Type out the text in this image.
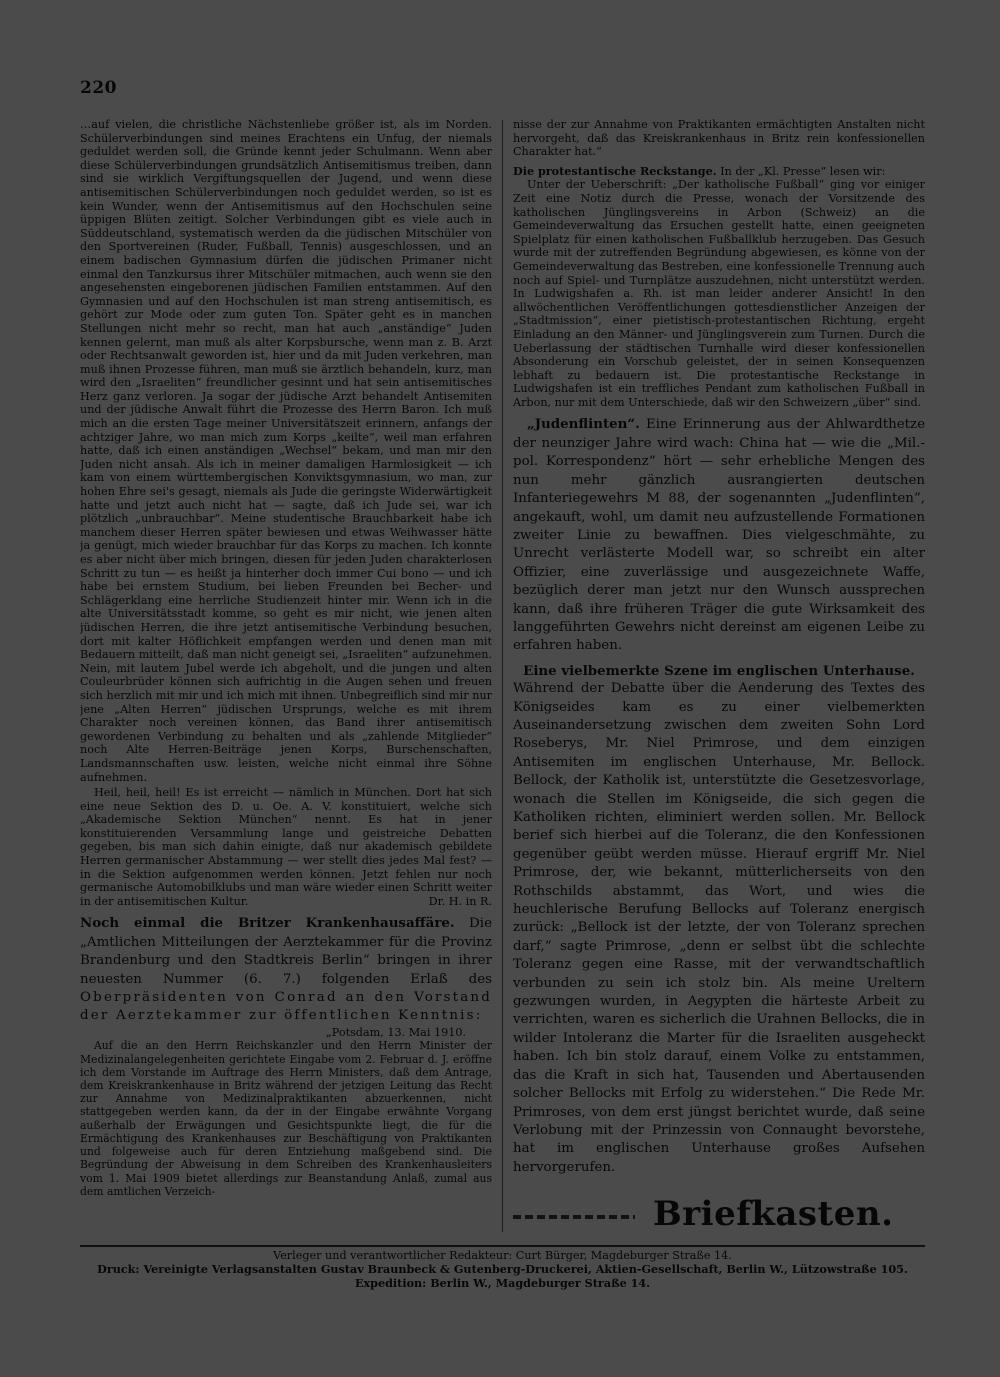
220

…auf vielen, die christliche Nächstenliebe größer ist, als im Norden. Schülerverbindungen sind meines Erachtens ein Unfug, der niemals geduldet werden soll, die Gründe kennt jeder Schulmann. Wenn aber diese Schülerverbindungen grundsätzlich Antisemitismus treiben, dann sind sie wirklich Vergiftungsquellen der Jugend, und wenn diese antisemitischen Schülerverbindungen noch geduldet werden, so ist es kein Wunder, wenn der Antisemitismus auf den Hochschulen seine üppigen Blüten zeitigt. Solcher Verbindungen gibt es viele auch in Süddeutschland, systematisch werden da die jüdischen Mitschüler von den Sportvereinen (Ruder, Fußball, Tennis) ausgeschlossen, und an einem badischen Gymnasium dürfen die jüdischen Primaner nicht einmal den Tanzkursus ihrer Mitschüler mitmachen, auch wenn sie den angesehensten eingeborenen jüdischen Familien entstammen. Auf den Gymnasien und auf den Hochschulen ist man streng antisemitisch, es gehört zur Mode oder zum guten Ton. Später geht es in manchen Stellungen nicht mehr so recht, man hat auch „anständige“ Juden kennen gelernt, man muß als alter Korpsbursche, wenn man z. B. Arzt oder Rechtsanwalt geworden ist, hier und da mit Juden verkehren, man muß ihnen Prozesse führen, man muß sie ärztlich behandeln, kurz, man wird den „Israeliten“ freundlicher gesinnt und hat sein antisemitisches Herz ganz verloren. Ja sogar der jüdische Arzt behandelt Antisemiten und der jüdische Anwalt führt die Prozesse des Herrn Baron. Ich muß mich an die ersten Tage meiner Universitätszeit erinnern, anfangs der achtziger Jahre, wo man mich zum Korps „keilte“, weil man erfahren hatte, daß ich einen anständigen „Wechsel“ bekam, und man mir den Juden nicht ansah. Als ich in meiner damaligen Harmlosigkeit — ich kam von einem württembergischen Konviktsgymnasium, wo man, zur hohen Ehre sei's gesagt, niemals als Jude die geringste Widerwärtigkeit hatte und jetzt auch nicht hat — sagte, daß ich Jude sei, war ich plötzlich „unbrauchbar“. Meine studentische Brauchbarkeit habe ich manchem dieser Herren später bewiesen und etwas Weihwasser hätte ja genügt, mich wieder brauchbar für das Korps zu machen. Ich konnte es aber nicht über mich bringen, diesen für jeden Juden charakterlosen Schritt zu tun — es heißt ja hinterher doch immer Cui bono — und ich habe bei ernstem Studium, bei lieben Freunden bei Becher- und Schlägerklang eine herrliche Studienzeit hinter mir. Wenn ich in die alte Universitätsstadt komme, so geht es mir nicht, wie jenen alten jüdischen Herren, die ihre jetzt antisemitische Verbindung besuchen, dort mit kalter Höflichkeit empfangen werden und denen man mit Bedauern mitteilt, daß man nicht geneigt sei, „Israeliten“ aufzunehmen. Nein, mit lautem Jubel werde ich abgeholt, und die jungen und alten Couleurbrüder können sich aufrichtig in die Augen sehen und freuen sich herzlich mit mir und ich mich mit ihnen. Unbegreiflich sind mir nur jene „Alten Herren“ jüdischen Ursprungs, welche es mit ihrem Charakter noch vereinen können, das Band ihrer antisemitisch gewordenen Verbindung zu behalten und als „zahlende Mitglieder“ noch Alte Herren-Beiträge jenen Korps, Burschenschaften, Landsmannschaften usw. leisten, welche nicht einmal ihre Söhne aufnehmen.

Heil, heil, heil! Es ist erreicht — nämlich in München. Dort hat sich eine neue Sektion des D. u. Oe. A. V. konstituiert, welche sich „Akademische Sektion München“ nennt. Es hat in jener konstituierenden Versammlung lange und geistreiche Debatten gegeben, bis man sich dahin einigte, daß nur akademisch gebildete Herren germanischer Abstammung — wer stellt dies jedes Mal fest? — in die Sektion aufgenommen werden können. Jetzt fehlen nur noch germanische Automobilklubs und man wäre wieder einen Schritt weiter in der antisemitischen Kultur.	Dr. H. in R.

Noch einmal die Britzer Krankenhausaffäre. Die „Amtlichen Mitteilungen der Aerztekammer für die Provinz Brandenburg und den Stadtkreis Berlin“ bringen in ihrer neuesten Nummer (6. 7.) folgenden Erlaß des Oberpräsidenten von Conrad an den Vorstand der Aerztekammer zur öffentlichen Kenntnis:

„Potsdam, 13. Mai 1910.

Auf die an den Herrn Reichskanzler und den Herrn Minister der Medizinalangelegenheiten gerichtete Eingabe vom 2. Februar d. J. eröffne ich dem Vorstande im Auftrage des Herrn Ministers, daß dem Antrage, dem Kreiskrankenhause in Britz während der jetzigen Leitung das Recht zur Annahme von Medizinalpraktikanten abzuerkennen, nicht stattgegeben werden kann, da der in der Eingabe erwähnte Vorgang außerhalb der Erwägungen und Gesichtspunkte liegt, die für die Ermächtigung des Krankenhauses zur Beschäftigung von Praktikanten und folgeweise auch für deren Entziehung maßgebend sind. Die Begründung der Abweisung in dem Schreiben des Krankenhausleiters vom 1. Mai 1909 bietet allerdings zur Beanstandung Anlaß, zumal aus dem amtlichen Verzeich-

nisse der zur Annahme von Praktikanten ermächtigten Anstalten nicht hervorgeht, daß das Kreiskrankenhaus in Britz rein konfessionellen Charakter hat.“

Die protestantische Reckstange. In der „Kl. Presse“ lesen wir:

Unter der Ueberschrift: „Der katholische Fußball“ ging vor einiger Zeit eine Notiz durch die Presse, wonach der Vorsitzende des katholischen Jünglingsvereins in Arbon (Schweiz) an die Gemeindeverwaltung das Ersuchen gestellt hatte, einen geeigneten Spielplatz für einen katholischen Fußballklub herzugeben. Das Gesuch wurde mit der zutreffenden Begründung abgewiesen, es könne von der Gemeindeverwaltung das Bestreben, eine konfessionelle Trennung auch noch auf Spiel- und Turnplätze auszudehnen, nicht unterstützt werden. In Ludwigshafen a. Rh. ist man leider anderer Ansicht! In den allwöchentlichen Veröffentlichungen gottesdienstlicher Anzeigen der „Stadtmission“, einer pietistisch-protestantischen Richtung, ergeht Einladung an den Männer- und Jünglingsverein zum Turnen. Durch die Ueberlassung der städtischen Turnhalle wird dieser konfessionellen Absonderung ein Vorschub geleistet, der in seinen Konsequenzen lebhaft zu bedauern ist. Die protestantische Reckstange in Ludwigshafen ist ein treffliches Pendant zum katholischen Fußball in Arbon, nur mit dem Unterschiede, daß wir den Schweizern „über“ sind.

„Judenflinten“. Eine Erinnerung aus der Ahlwardthetze der neunziger Jahre wird wach: China hat — wie die „Mil.-pol. Korrespondenz“ hört — sehr erhebliche Mengen des nun mehr gänzlich ausrangierten deutschen Infanteriegewehrs M 88, der sogenannten „Judenflinten“, angekauft, wohl, um damit neu aufzustellende Formationen zweiter Linie zu bewaffnen. Dies vielgeschmähte, zu Unrecht verlästerte Modell war, so schreibt ein alter Offizier, eine zuverlässige und ausgezeichnete Waffe, bezüglich derer man jetzt nur den Wunsch aussprechen kann, daß ihre früheren Träger die gute Wirksamkeit des langgeführten Gewehrs nicht dereinst am eigenen Leibe zu erfahren haben.

Eine vielbemerkte Szene im englischen Unterhause.

Während der Debatte über die Aenderung des Textes des Königseides kam es zu einer vielbemerkten Auseinandersetzung zwischen dem zweiten Sohn Lord Roseberys, Mr. Niel Primrose, und dem einzigen Antisemiten im englischen Unterhause, Mr. Bellock. Bellock, der Katholik ist, unterstützte die Gesetzesvorlage, wonach die Stellen im Königseide, die sich gegen die Katholiken richten, eliminiert werden sollen. Mr. Bellock berief sich hierbei auf die Toleranz, die den Konfessionen gegenüber geübt werden müsse. Hierauf ergriff Mr. Niel Primrose, der, wie bekannt, mütterlicherseits von den Rothschilds abstammt, das Wort, und wies die heuchlerische Berufung Bellocks auf Toleranz energisch zurück: „Bellock ist der letzte, der von Toleranz sprechen darf,“ sagte Primrose, „denn er selbst übt die schlechte Toleranz gegen eine Rasse, mit der verwandtschaftlich verbunden zu sein ich stolz bin. Als meine Ureltern gezwungen wurden, in Aegypten die härteste Arbeit zu verrichten, waren es sicherlich die Urahnen Bellocks, die in wilder Intoleranz die Marter für die Israeliten ausgeheckt haben. Ich bin stolz darauf, einem Volke zu entstammen, das die Kraft in sich hat, Tausenden und Abertausenden solcher Bellocks mit Erfolg zu widerstehen.“ Die Rede Mr. Primroses, von dem erst jüngst berichtet wurde, daß seine Verlobung mit der Prinzessin von Connaught bevorstehe, hat im englischen Unterhause großes Aufsehen hervorgerufen.

Briefkasten.

Verleger und verantwortlicher Redakteur: Curt Bürger, Magdeburger Straße 14.
Druck: Vereinigte Verlagsanstalten Gustav Braunbeck & Gutenberg-Druckerei, Aktien-Gesellschaft, Berlin W., Lützowstraße 105.
Expedition: Berlin W., Magdeburger Straße 14.
